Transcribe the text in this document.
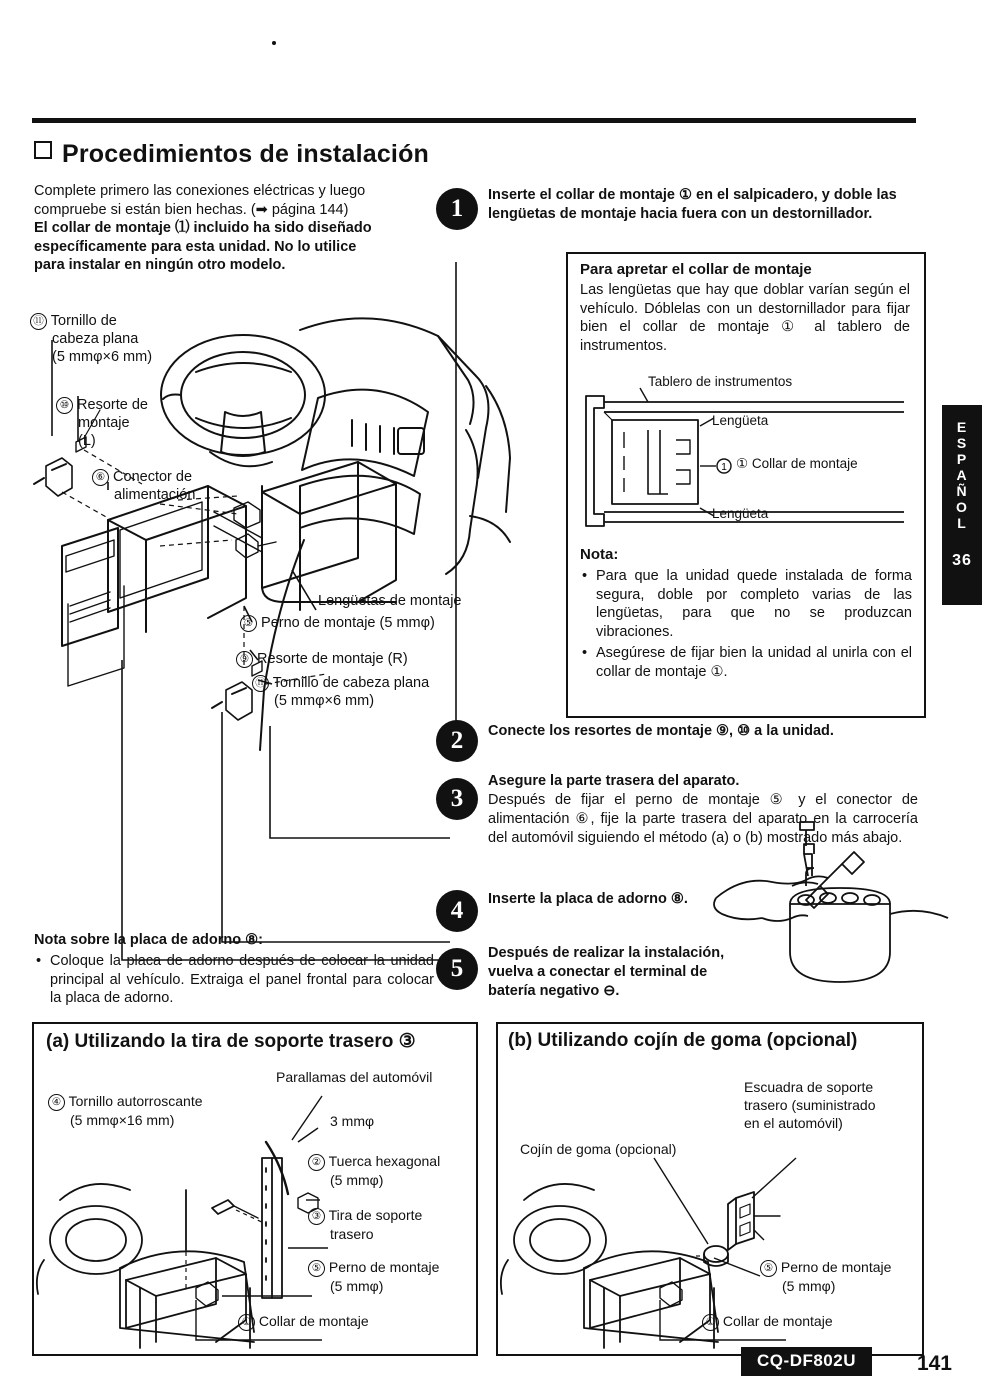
Procedimientos de instalación
Complete primero las conexiones eléctricas y luego
compruebe si están bien hechas. (➡ página 144)
El collar de montaje ⑴ incluido ha sido diseñado
específicamente para esta unidad. No lo utilice
para instalar en ningún otro modelo.
⑪ Tornillo de
cabeza plana
(5 mmφ×6 mm)
⑩ Resorte de
montaje
(L)
⑥ Conector de
alimentación
Lengüetas de montaje
⑤ Perno de montaje (5 mmφ)
⑨ Resorte de montaje (R)
⑪ Tornillo de cabeza plana
(5 mmφ×6 mm)
1 Inserte el collar de montaje ① en el salpicadero, y doble las lengüetas de montaje hacia fuera con un destornillador.
Para apretar el collar de montaje
Las lengüetas que hay que doblar varían según el vehículo. Dóblelas con un destornillador para fijar bien el collar de montaje ① al tablero de instrumentos.
1
Tablero de instrumentos
Lengüeta
① Collar de montaje
Lengüeta
Nota:
• Para que la unidad quede instalada de forma segura, doble por completo varias de las lengüetas, para que no se produzcan vibraciones.
• Asegúrese de fijar bien la unidad al unirla con el collar de montaje ①.
2 Conecte los resortes de montaje ⑨, ⑩ a la unidad.
3
Asegure la parte trasera del aparato.
Después de fijar el perno de montaje ⑤ y el conector de alimentación ⑥, fije la parte trasera del aparato en la carrocería del automóvil siguiendo el método (a) o (b) mostrado más abajo.
4 Inserte la placa de adorno ⑧.
5
Después de realizar la instalación, vuelva a conectar el terminal de batería negativo ⊖.
Nota sobre la placa de adorno ⑧:
• Coloque la placa de adorno después de colocar la unidad principal al vehículo. Extraiga el panel frontal para colocar la placa de adorno.
(a) Utilizando la tira de soporte trasero ③
Parallamas del automóvil
④ Tornillo autorroscante
(5 mmφ×16 mm)	3 mmφ
② Tuerca hexagonal
(5 mmφ)
③ Tira de soporte
trasero
⑤ Perno de montaje
(5 mmφ)
① Collar de montaje
(b) Utilizando cojín de goma (opcional)
Cojín de goma (opcional)
Escuadra de soporte
trasero (suministrado
en el automóvil)
⑤ Perno de montaje
(5 mmφ)
① Collar de montaje
E
S
P
A
Ñ
O
L
36
CQ-DF802U	141
